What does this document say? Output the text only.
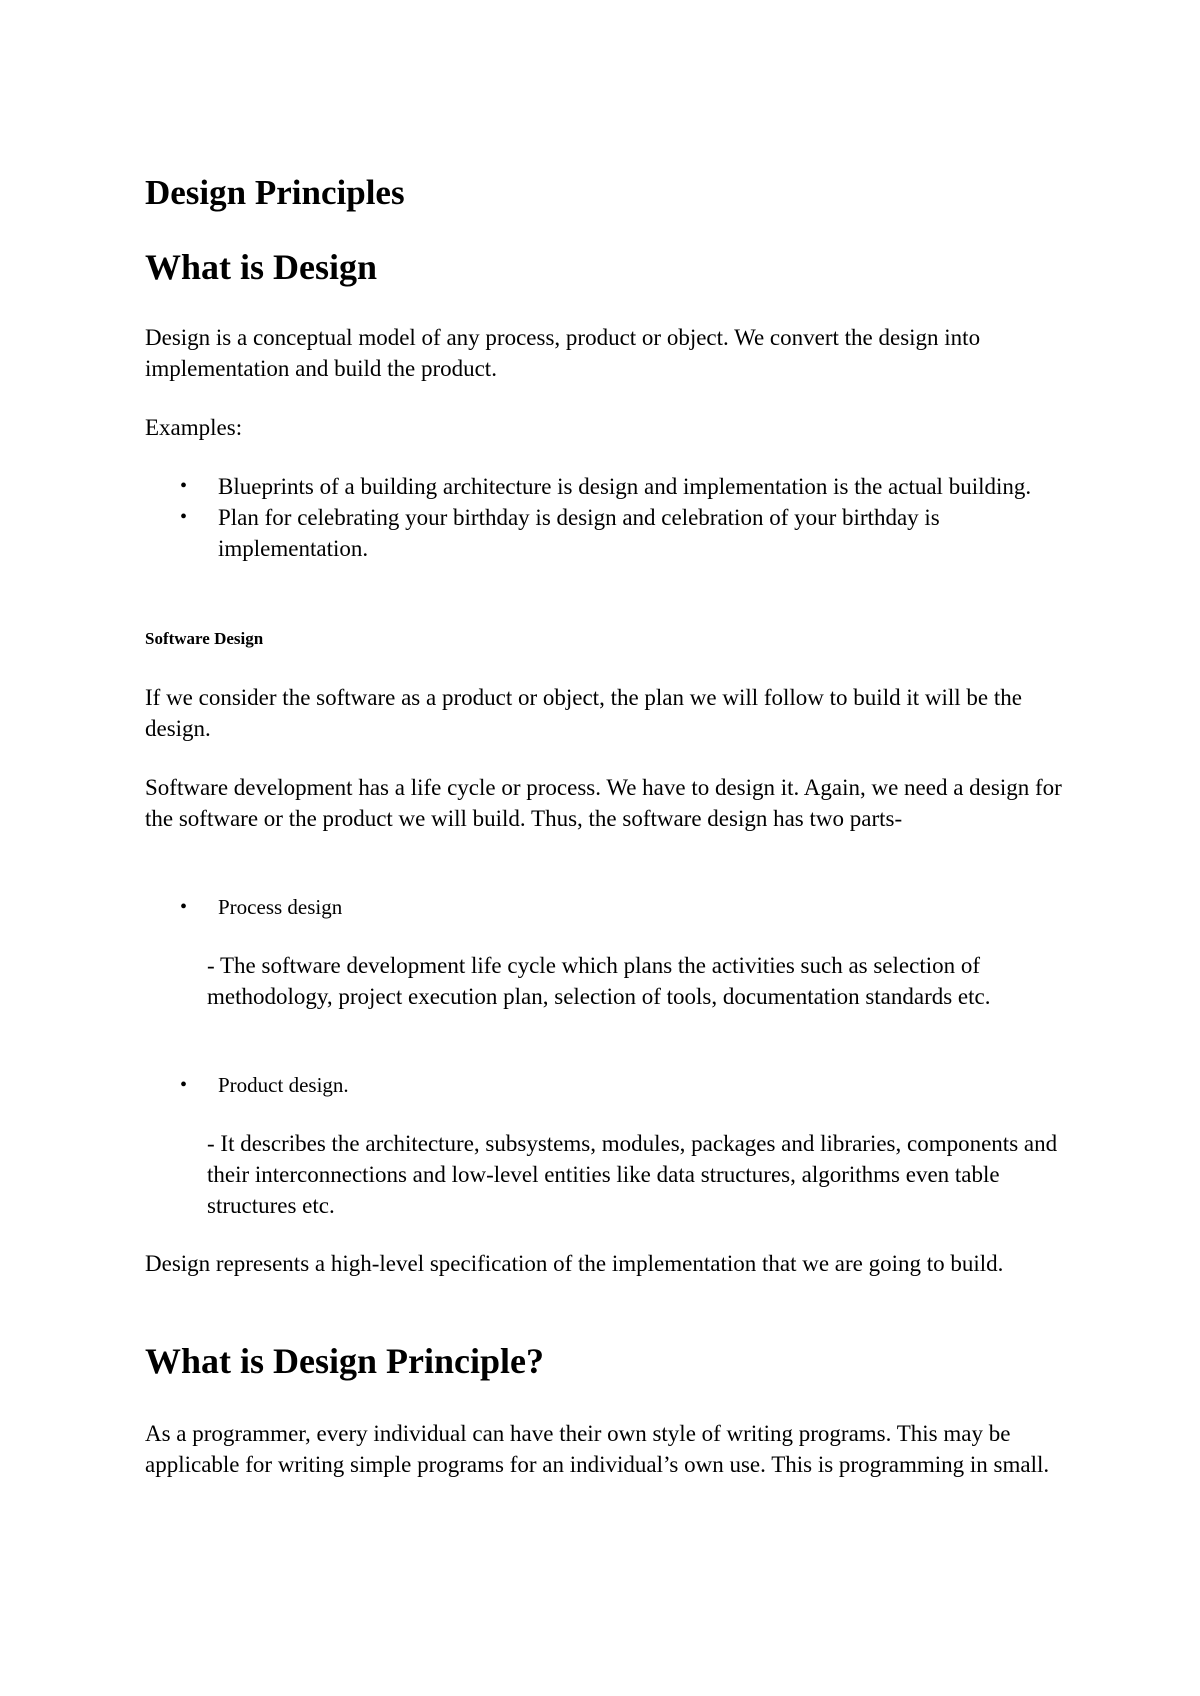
Design Principles
What is Design

Design is a conceptual model of any process, product or object. We convert the design into implementation and build the product.

Examples:

• Blueprints of a building architecture is design and implementation is the actual building.
• Plan for celebrating your birthday is design and celebration of your birthday is implementation.
Software Design

If we consider the software as a product or object, the plan we will follow to build it will be the design.

Software development has a life cycle or process. We have to design it. Again, we need a design for the software or the product we will build. Thus, the software design has two parts-

• Process design

- The software development life cycle which plans the activities such as selection of methodology, project execution plan, selection of tools, documentation standards etc.

• Product design.

- It describes the architecture, subsystems, modules, packages and libraries, components and their interconnections and low-level entities like data structures, algorithms even table structures etc.

Design represents a high-level specification of the implementation that we are going to build.

What is Design Principle?

As a programmer, every individual can have their own style of writing programs. This may be applicable for writing simple programs for an individual’s own use. This is programming in small.
